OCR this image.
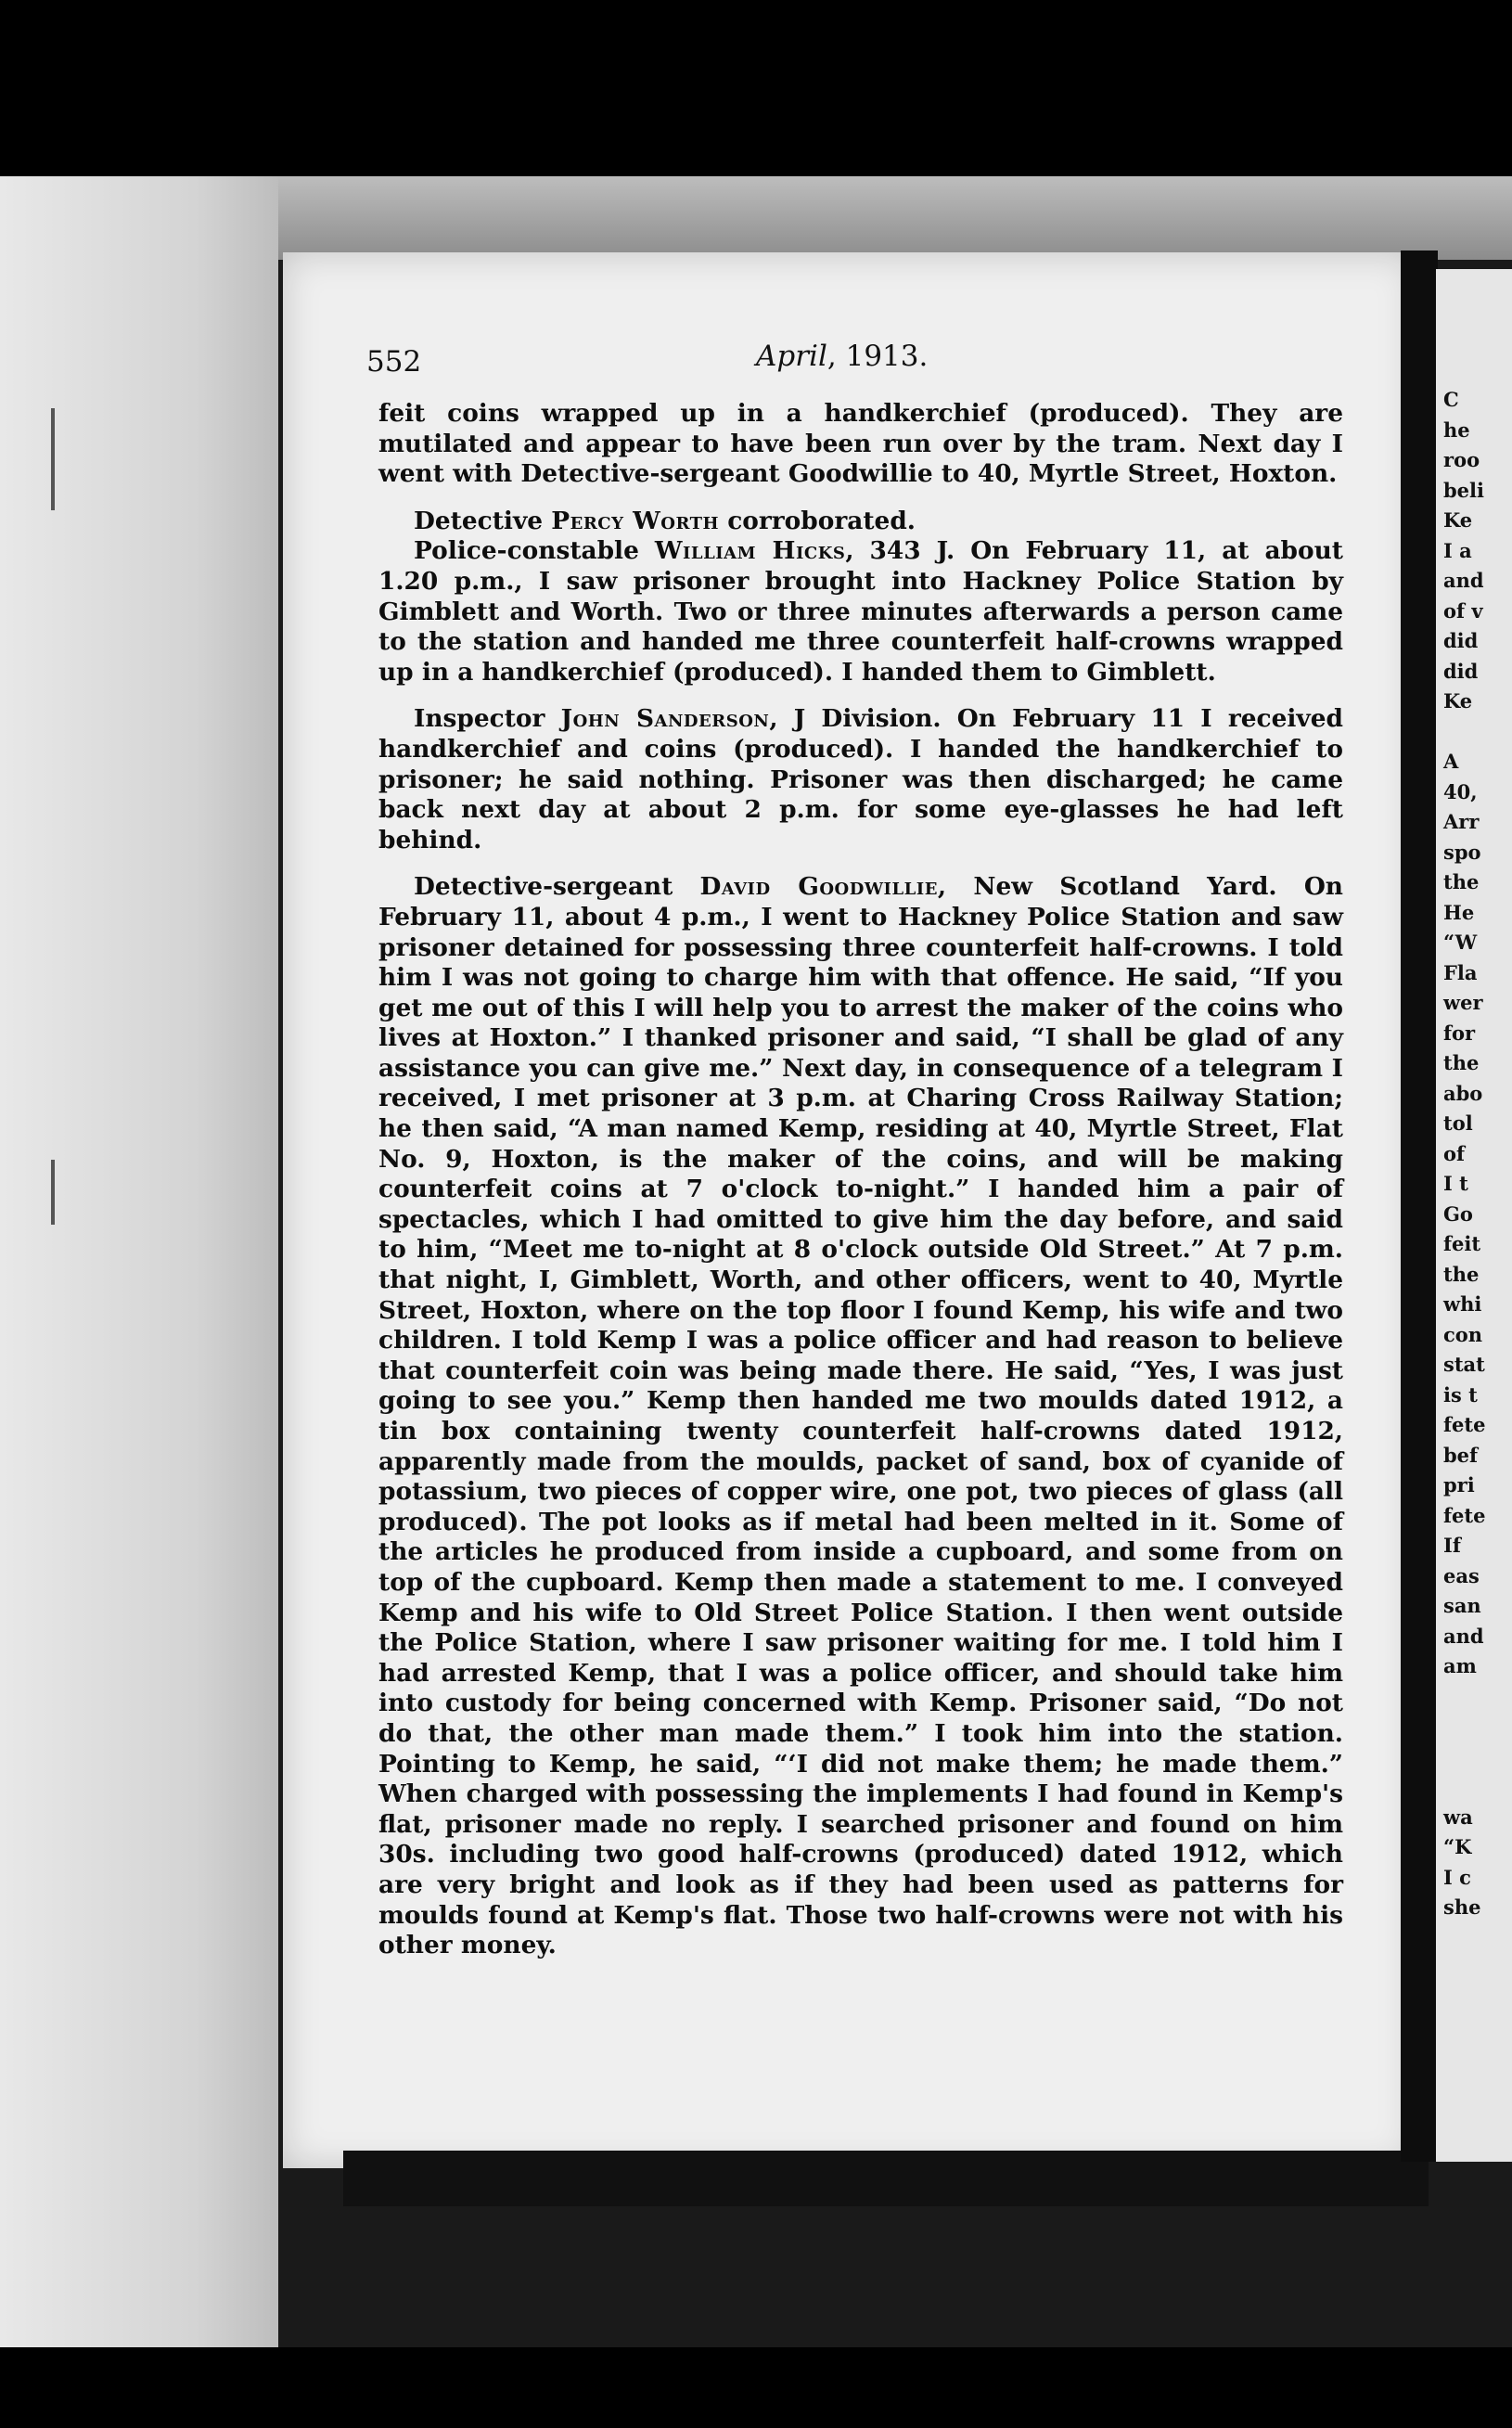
C
he
roo
beli
Ke
I a
and
of v
did
did
Ke

A
40,
Arr
spo
the
He
“W
Fla
wer
for
the
abo
tol
of
I t
Go
feit
the
whi
con
stat
is t
fete
bef
pri
fete
If
eas
san
and
am

wa
“K
I c
she
552	April, 1913.

feit coins wrapped up in a handkerchief (produced). They are mutilated and appear to have been run over by the tram. Next day I went with Detective-sergeant Goodwillie to 40, Myrtle Street, Hoxton.

Detective Percy Worth corroborated.

Police-constable William Hicks, 343 J. On February 11, at about 1.20 p.m., I saw prisoner brought into Hackney Police Station by Gimblett and Worth. Two or three minutes afterwards a person came to the station and handed me three counterfeit half-crowns wrapped up in a handkerchief (produced). I handed them to Gimblett.

Inspector John Sanderson, J Division. On February 11 I received handkerchief and coins (produced). I handed the handkerchief to prisoner; he said nothing. Prisoner was then discharged; he came back next day at about 2 p.m. for some eye-glasses he had left behind.

Detective-sergeant David Goodwillie, New Scotland Yard. On February 11, about 4 p.m., I went to Hackney Police Station and saw prisoner detained for possessing three counterfeit half-crowns. I told him I was not going to charge him with that offence. He said, “If you get me out of this I will help you to arrest the maker of the coins who lives at Hoxton.” I thanked prisoner and said, “I shall be glad of any assistance you can give me.” Next day, in consequence of a telegram I received, I met prisoner at 3 p.m. at Charing Cross Railway Station; he then said, “A man named Kemp, residing at 40, Myrtle Street, Flat No. 9, Hoxton, is the maker of the coins, and will be making counterfeit coins at 7 o'clock to-night.” I handed him a pair of spectacles, which I had omitted to give him the day before, and said to him, “Meet me to-night at 8 o'clock outside Old Street.” At 7 p.m. that night, I, Gimblett, Worth, and other officers, went to 40, Myrtle Street, Hoxton, where on the top floor I found Kemp, his wife and two children. I told Kemp I was a police officer and had reason to believe that counterfeit coin was being made there. He said, “Yes, I was just going to see you.” Kemp then handed me two moulds dated 1912, a tin box containing twenty counterfeit half-crowns dated 1912, apparently made from the moulds, packet of sand, box of cyanide of potassium, two pieces of copper wire, one pot, two pieces of glass (all produced). The pot looks as if metal had been melted in it. Some of the articles he produced from inside a cupboard, and some from on top of the cupboard. Kemp then made a statement to me. I conveyed Kemp and his wife to Old Street Police Station. I then went outside the Police Station, where I saw prisoner waiting for me. I told him I had arrested Kemp, that I was a police officer, and should take him into custody for being concerned with Kemp. Prisoner said, “Do not do that, the other man made them.” I took him into the station. Pointing to Kemp, he said, “‘I did not make them; he made them.” When charged with possessing the implements I had found in Kemp's flat, prisoner made no reply. I searched prisoner and found on him 30s. including two good half-crowns (produced) dated 1912, which are very bright and look as if they had been used as patterns for moulds found at Kemp's flat. Those two half-crowns were not with his other money.
